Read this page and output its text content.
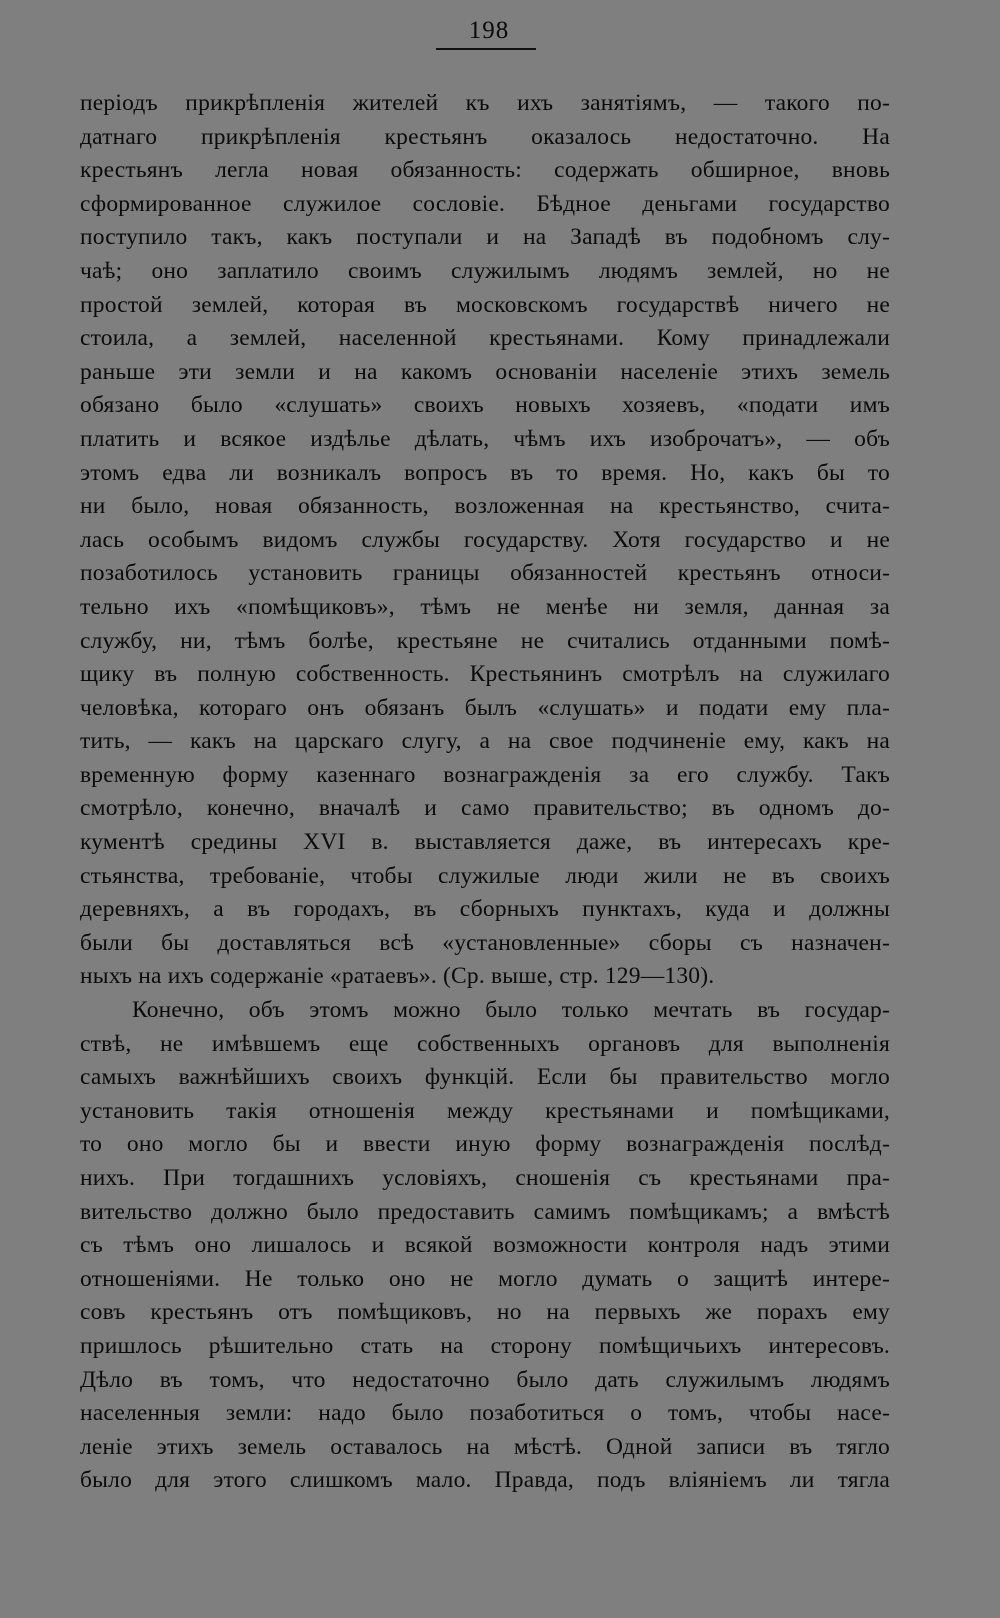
198
періодъ прикрѣпленія жителей къ ихъ занятіямъ, — такого по-
датнаго прикрѣпленія крестьянъ оказалось недостаточно. На
крестьянъ легла новая обязанность: содержать обширное, вновь
сформированное служилое сословіе. Бѣдное деньгами государство
поступило такъ, какъ поступали и на Западѣ въ подобномъ слу-
чаѣ; оно заплатило своимъ служилымъ людямъ землей, но не
простой землей, которая въ московскомъ государствѣ ничего не
стоила, а землей, населенной крестьянами. Кому принадлежали
раньше эти земли и на какомъ основаніи населеніе этихъ земель
обязано было «слушать» своихъ новыхъ хозяевъ, «подати имъ
платить и всякое издѣлье дѣлать, чѣмъ ихъ изоброчатъ», — объ
этомъ едва ли возникалъ вопросъ въ то время. Но, какъ бы то
ни было, новая обязанность, возложенная на крестьянство, счита-
лась особымъ видомъ службы государству. Хотя государство и не
позаботилось установить границы обязанностей крестьянъ относи-
тельно ихъ «помѣщиковъ», тѣмъ не менѣе ни земля, данная за
службу, ни, тѣмъ болѣе, крестьяне не считались отданными помѣ-
щику въ полную собственность. Крестьянинъ смотрѣлъ на служилаго
человѣка, котораго онъ обязанъ былъ «слушать» и подати ему пла-
тить, — какъ на царскаго слугу, а на свое подчиненіе ему, какъ на
временную форму казеннаго вознагражденія за его службу. Такъ
смотрѣло, конечно, вначалѣ и само правительство; въ одномъ до-
кументѣ средины XVI в. выставляется даже, въ интересахъ кре-
стьянства, требованіе, чтобы служилые люди жили не въ своихъ
деревняхъ, а въ городахъ, въ сборныхъ пунктахъ, куда и должны
были бы доставляться всѣ «установленные» сборы съ назначен-
ныхъ на ихъ содержаніе «ратаевъ». (Ср. выше, стр. 129—130).
Конечно, объ этомъ можно было только мечтать въ государ-
ствѣ, не имѣвшемъ еще собственныхъ органовъ для выполненія
самыхъ важнѣйшихъ своихъ функцій. Если бы правительство могло
установить такія отношенія между крестьянами и помѣщиками,
то оно могло бы и ввести иную форму вознагражденія послѣд-
нихъ. При тогдашнихъ условіяхъ, сношенія съ крестьянами пра-
вительство должно было предоставить самимъ помѣщикамъ; а вмѣстѣ
съ тѣмъ оно лишалось и всякой возможности контроля надъ этими
отношеніями. Не только оно не могло думать о защитѣ интере-
совъ крестьянъ отъ помѣщиковъ, но на первыхъ же порахъ ему
пришлось рѣшительно стать на сторону помѣщичьихъ интересовъ.
Дѣло въ томъ, что недостаточно было дать служилымъ людямъ
населенныя земли: надо было позаботиться о томъ, чтобы насе-
леніе этихъ земель оставалось на мѣстѣ. Одной записи въ тягло
было для этого слишкомъ мало. Правда, подъ вліяніемъ ли тягла
